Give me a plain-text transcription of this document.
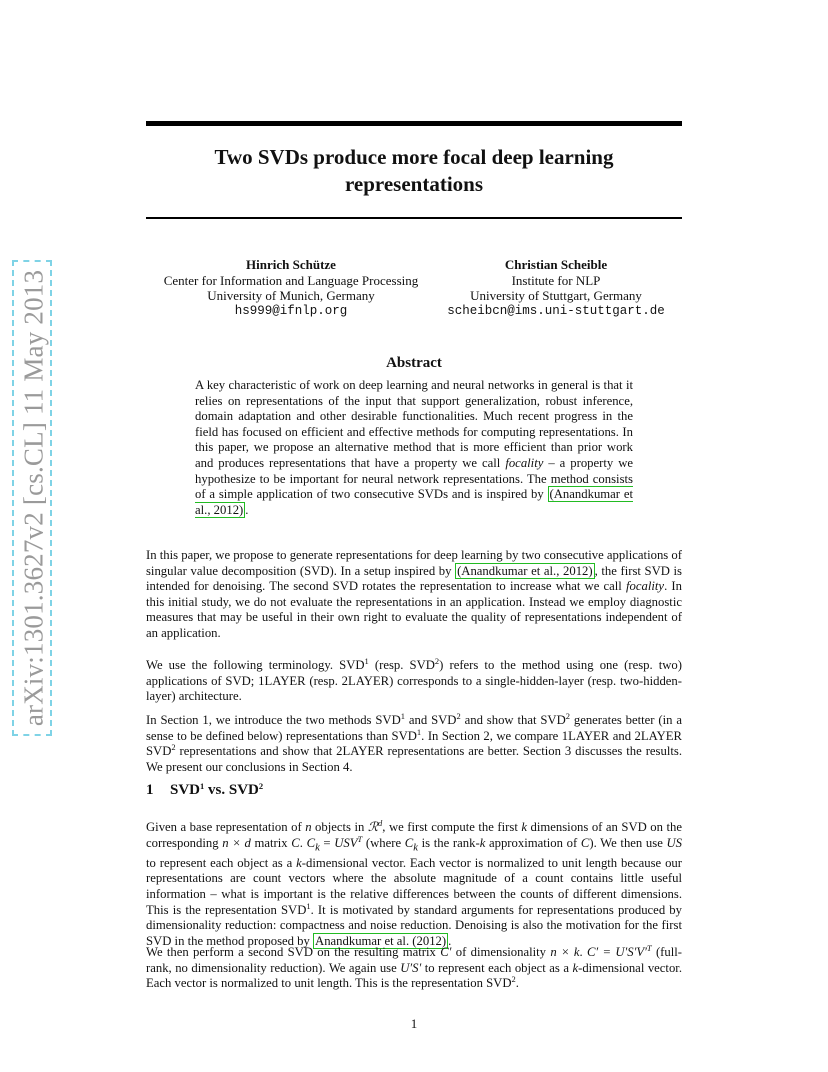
arXiv:1301.3627v2 [cs.CL] 11 May 2013
Two SVDs produce more focal deep learning representations
Hinrich Schütze
Center for Information and Language Processing
University of Munich, Germany
hs999@ifnlp.org
Christian Scheible
Institute for NLP
University of Stuttgart, Germany
scheibcn@ims.uni-stuttgart.de
Abstract

A key characteristic of work on deep learning and neural networks in general is that it relies on representations of the input that support generalization, robust inference, domain adaptation and other desirable functionalities. Much recent progress in the field has focused on efficient and effective methods for computing representations. In this paper, we propose an alternative method that is more efficient than prior work and produces representations that have a property we call focality – a property we hypothesize to be important for neural network representations. The method consists of a simple application of two consecutive SVDs and is inspired by (Anandkumar et al., 2012) .

In this paper, we propose to generate representations for deep learning by two consecutive applications of singular value decomposition (SVD). In a setup inspired by (Anandkumar et al., 2012) , the first SVD is intended for denoising. The second SVD rotates the representation to increase what we call focality. In this initial study, we do not evaluate the representations in an application. Instead we employ diagnostic measures that may be useful in their own right to evaluate the quality of representations independent of an application.

We use the following terminology. SVD$^1$ (resp. SVD$^2$) refers to the method using one (resp. two) applications of SVD; 1LAYER (resp. 2LAYER) corresponds to a single-hidden-layer (resp. two-hidden-layer) architecture.

In Section 1, we introduce the two methods SVD$^1$ and SVD$^2$ and show that SVD$^2$ generates better (in a sense to be defined below) representations than SVD$^1$. In Section 2, we compare 1LAYER and 2LAYER SVD$^2$ representations and show that 2LAYER representations are better. Section 3 discusses the results. We present our conclusions in Section 4.

1 SVD$^1$ vs. SVD$^2$

Given a base representation of n objects in ℛ$^d$, we first compute the first k dimensions of an SVD on the corresponding n × d matrix C. $C_k = USV^T$ (where $C_k$ is the rank-k approximation of C). We then use US to represent each object as a k-dimensional vector. Each vector is normalized to unit length because our representations are count vectors where the absolute magnitude of a count contains little useful information – what is important is the relative differences between the counts of different dimensions. This is the representation SVD$^1$. It is motivated by standard arguments for representations produced by dimensionality reduction: compactness and noise reduction. Denoising is also the motivation for the first SVD in the method proposed by Anandkumar et al. (2012) .

We then perform a second SVD on the resulting matrix C′ of dimensionality n × k. $C' = U'S'V'^T$ (full-rank, no dimensionality reduction). We again use U′S′ to represent each object as a k-dimensional vector. Each vector is normalized to unit length. This is the representation SVD$^2$.

1
